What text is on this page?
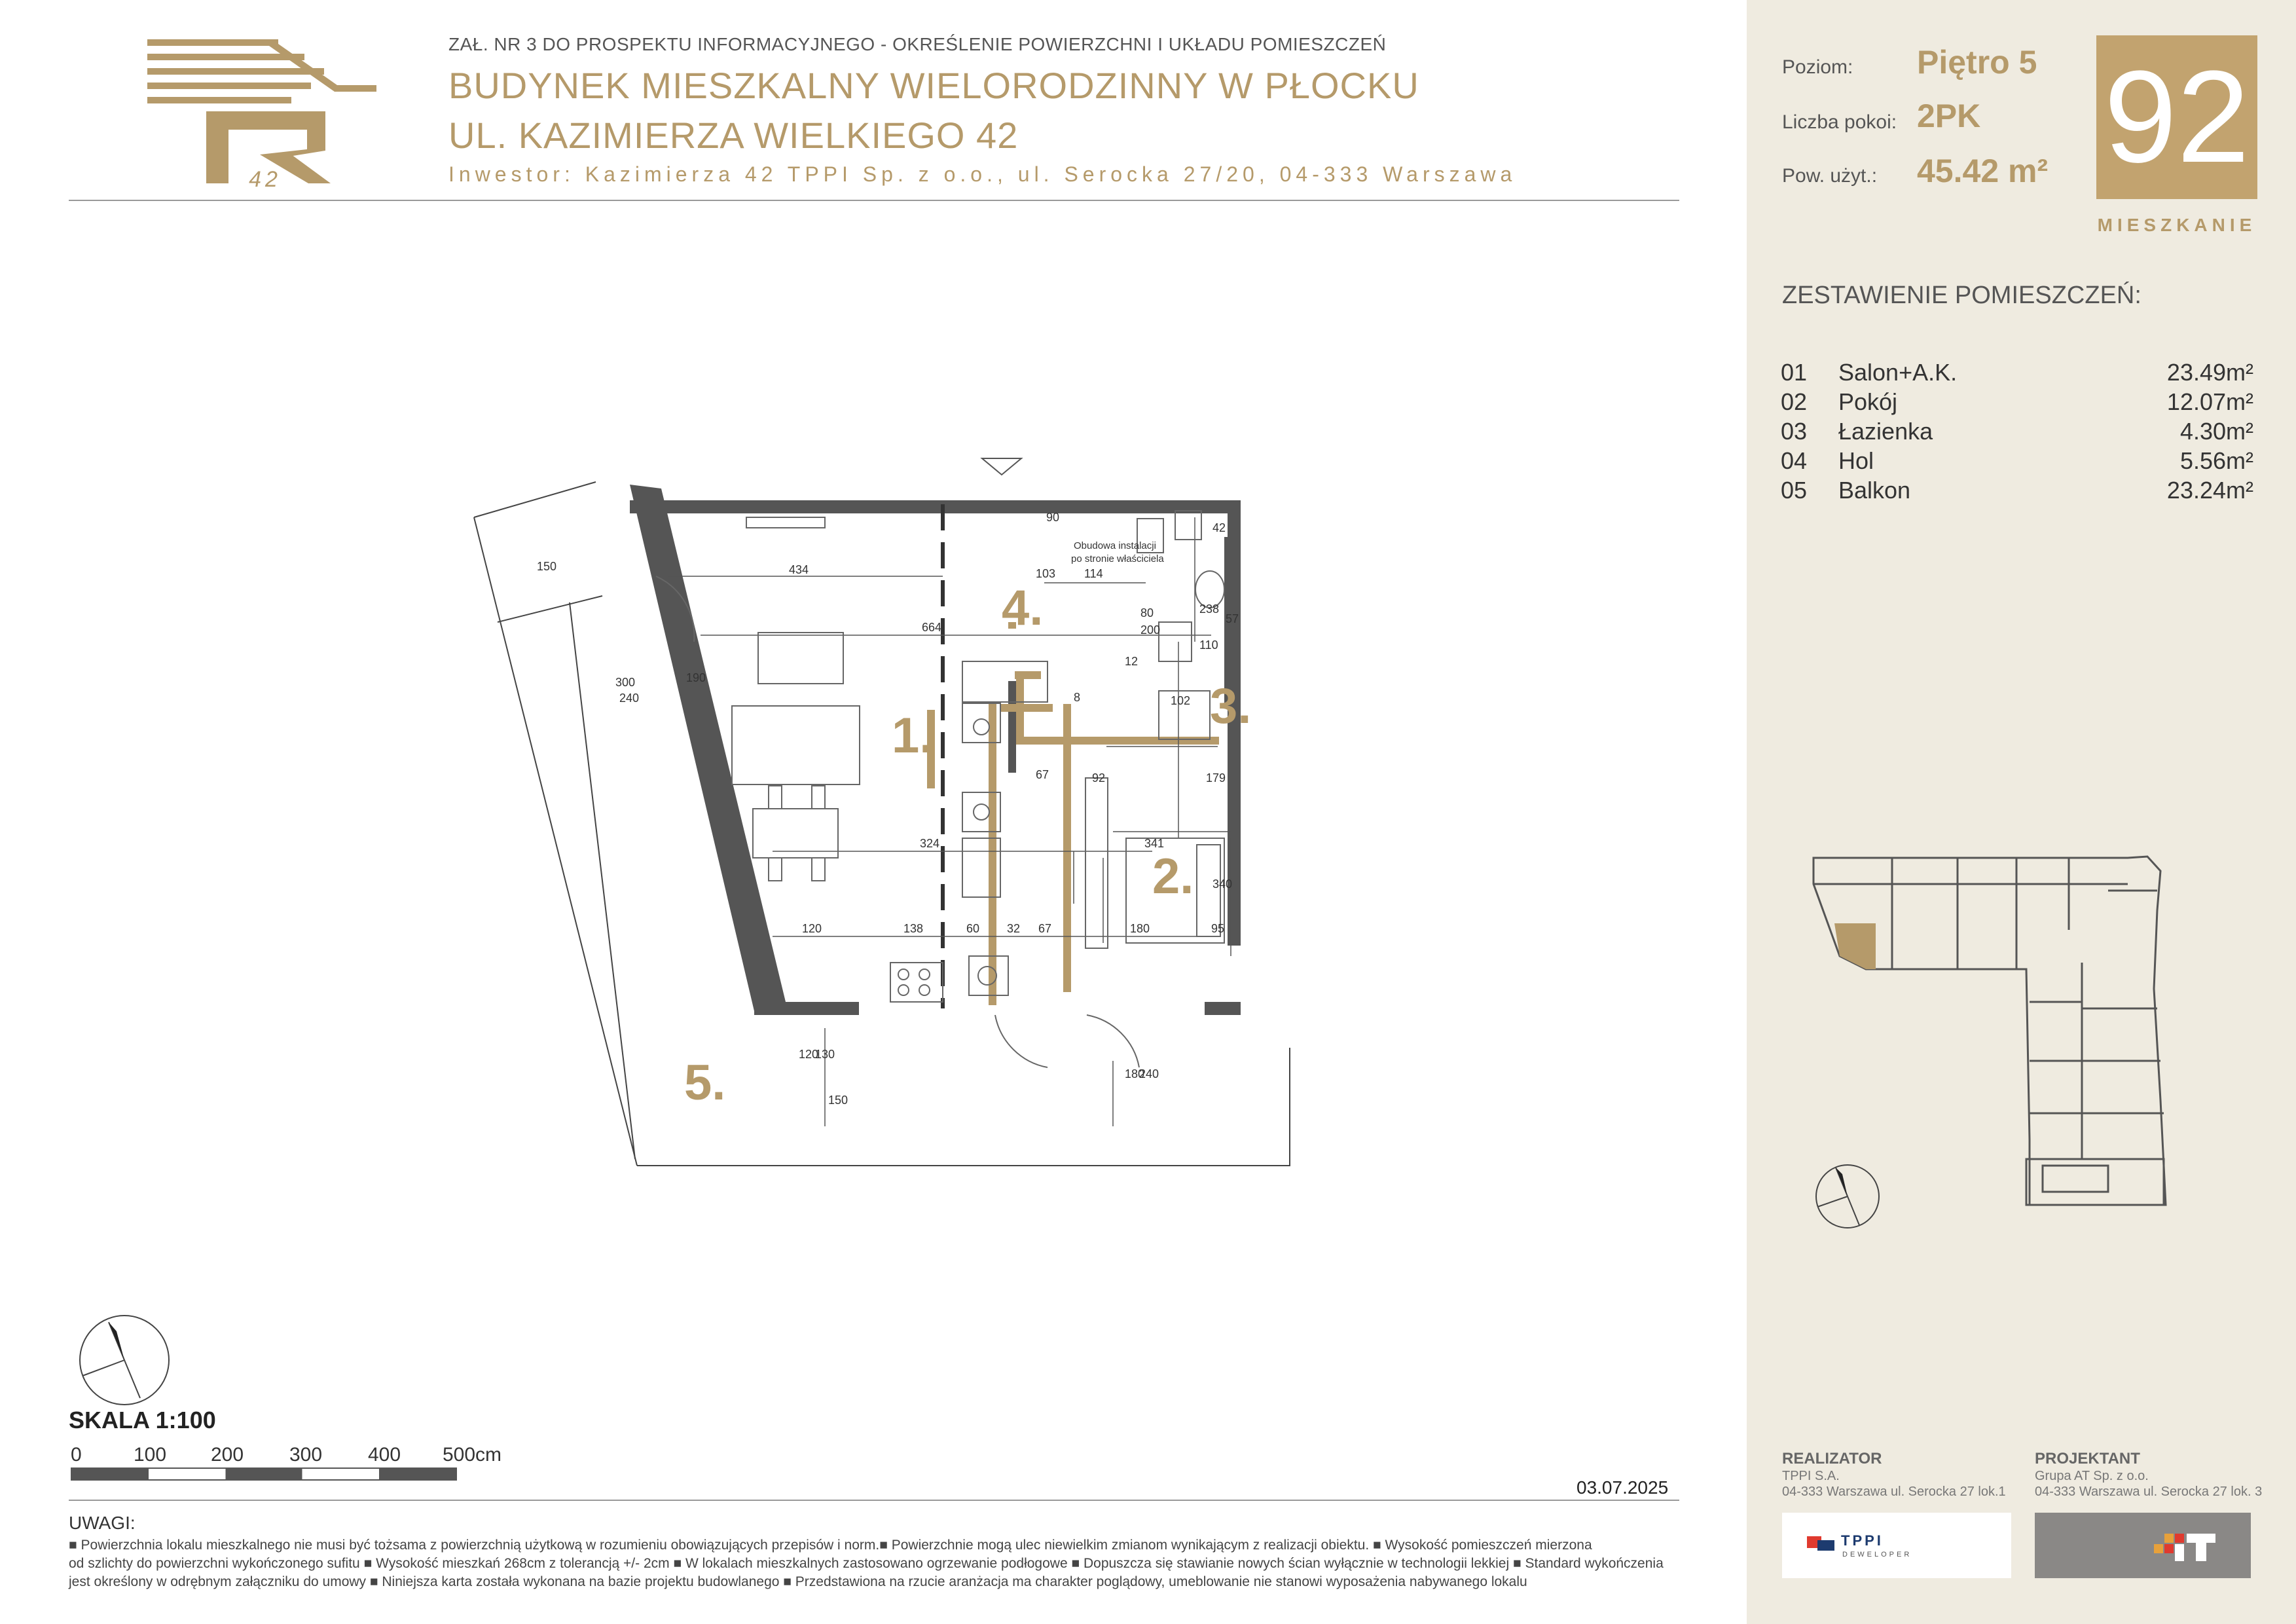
42
ZAŁ. NR 3 DO PROSPEKTU INFORMACYJNEGO - OKREŚLENIE POWIERZCHNI I UKŁADU POMIESZCZEŃ
BUDYNEK MIESZKALNY WIELORODZINNY W PŁOCKU
UL. KAZIMIERZA WIELKIEGO 42
Inwestor: Kazimierza 42 TPPI Sp. z o.o., ul. Serocka 27/20, 04-333 Warszawa
1.
2.
3.
4.
5.
Obudowa instalacji
po stronie właściciela
150	434
664
300
240
190
324
120	138
67
67
60 32
341
180	95
340
179
114
103
80
200
110
238
57
42
12
92
8	102
90
150
180
240
120
130
SKALA 1:100
0	100 200 300 400 500cm
03.07.2025
UWAGI:
■ Powierzchnia lokalu mieszkalnego nie musi być tożsama z powierzchnią użytkową w rozumieniu obowiązujących przepisów i norm.■ Powierzchnie mogą ulec niewielkim zmianom wynikającym z realizacji obiektu. ■ Wysokość pomieszczeń mierzona
od szlichty do powierzchni wykończonego sufitu ■ Wysokość mieszkań 268cm z tolerancją +/- 2cm ■ W lokalach mieszkalnych zastosowano ogrzewanie podłogowe ■ Dopuszcza się stawianie nowych ścian wyłącznie w technologii lekkiej ■ Standard wykończenia
jest określony w odrębnym załączniku do umowy ■ Niniejsza karta została wykonana na bazie projektu budowlanego ■ Przedstawiona na rzucie aranżacja ma charakter poglądowy, umeblowanie nie stanowi wyposażenia nabywanego lokalu
Poziom: Piętro 5
Liczba pokoi: 2PK
Pow. użyt.: 45.42 m² 92
MIESZKANIE
ZESTAWIENIE POMIESZCZEŃ:
01 Salon+A.K.	23.49m²
02 Pokój	12.07m²
03 Łazienka	4.30m²
04 Hol	5.56m²
05 Balkon	23.24m²
REALIZATOR
TPPI S.A.
04-333 Warszawa ul. Serocka 27 lok.1
TPPI
DEWELOPER
PROJEKTANT
Grupa AT Sp. z o.o.
04-333 Warszawa ul. Serocka 27 lok. 3
